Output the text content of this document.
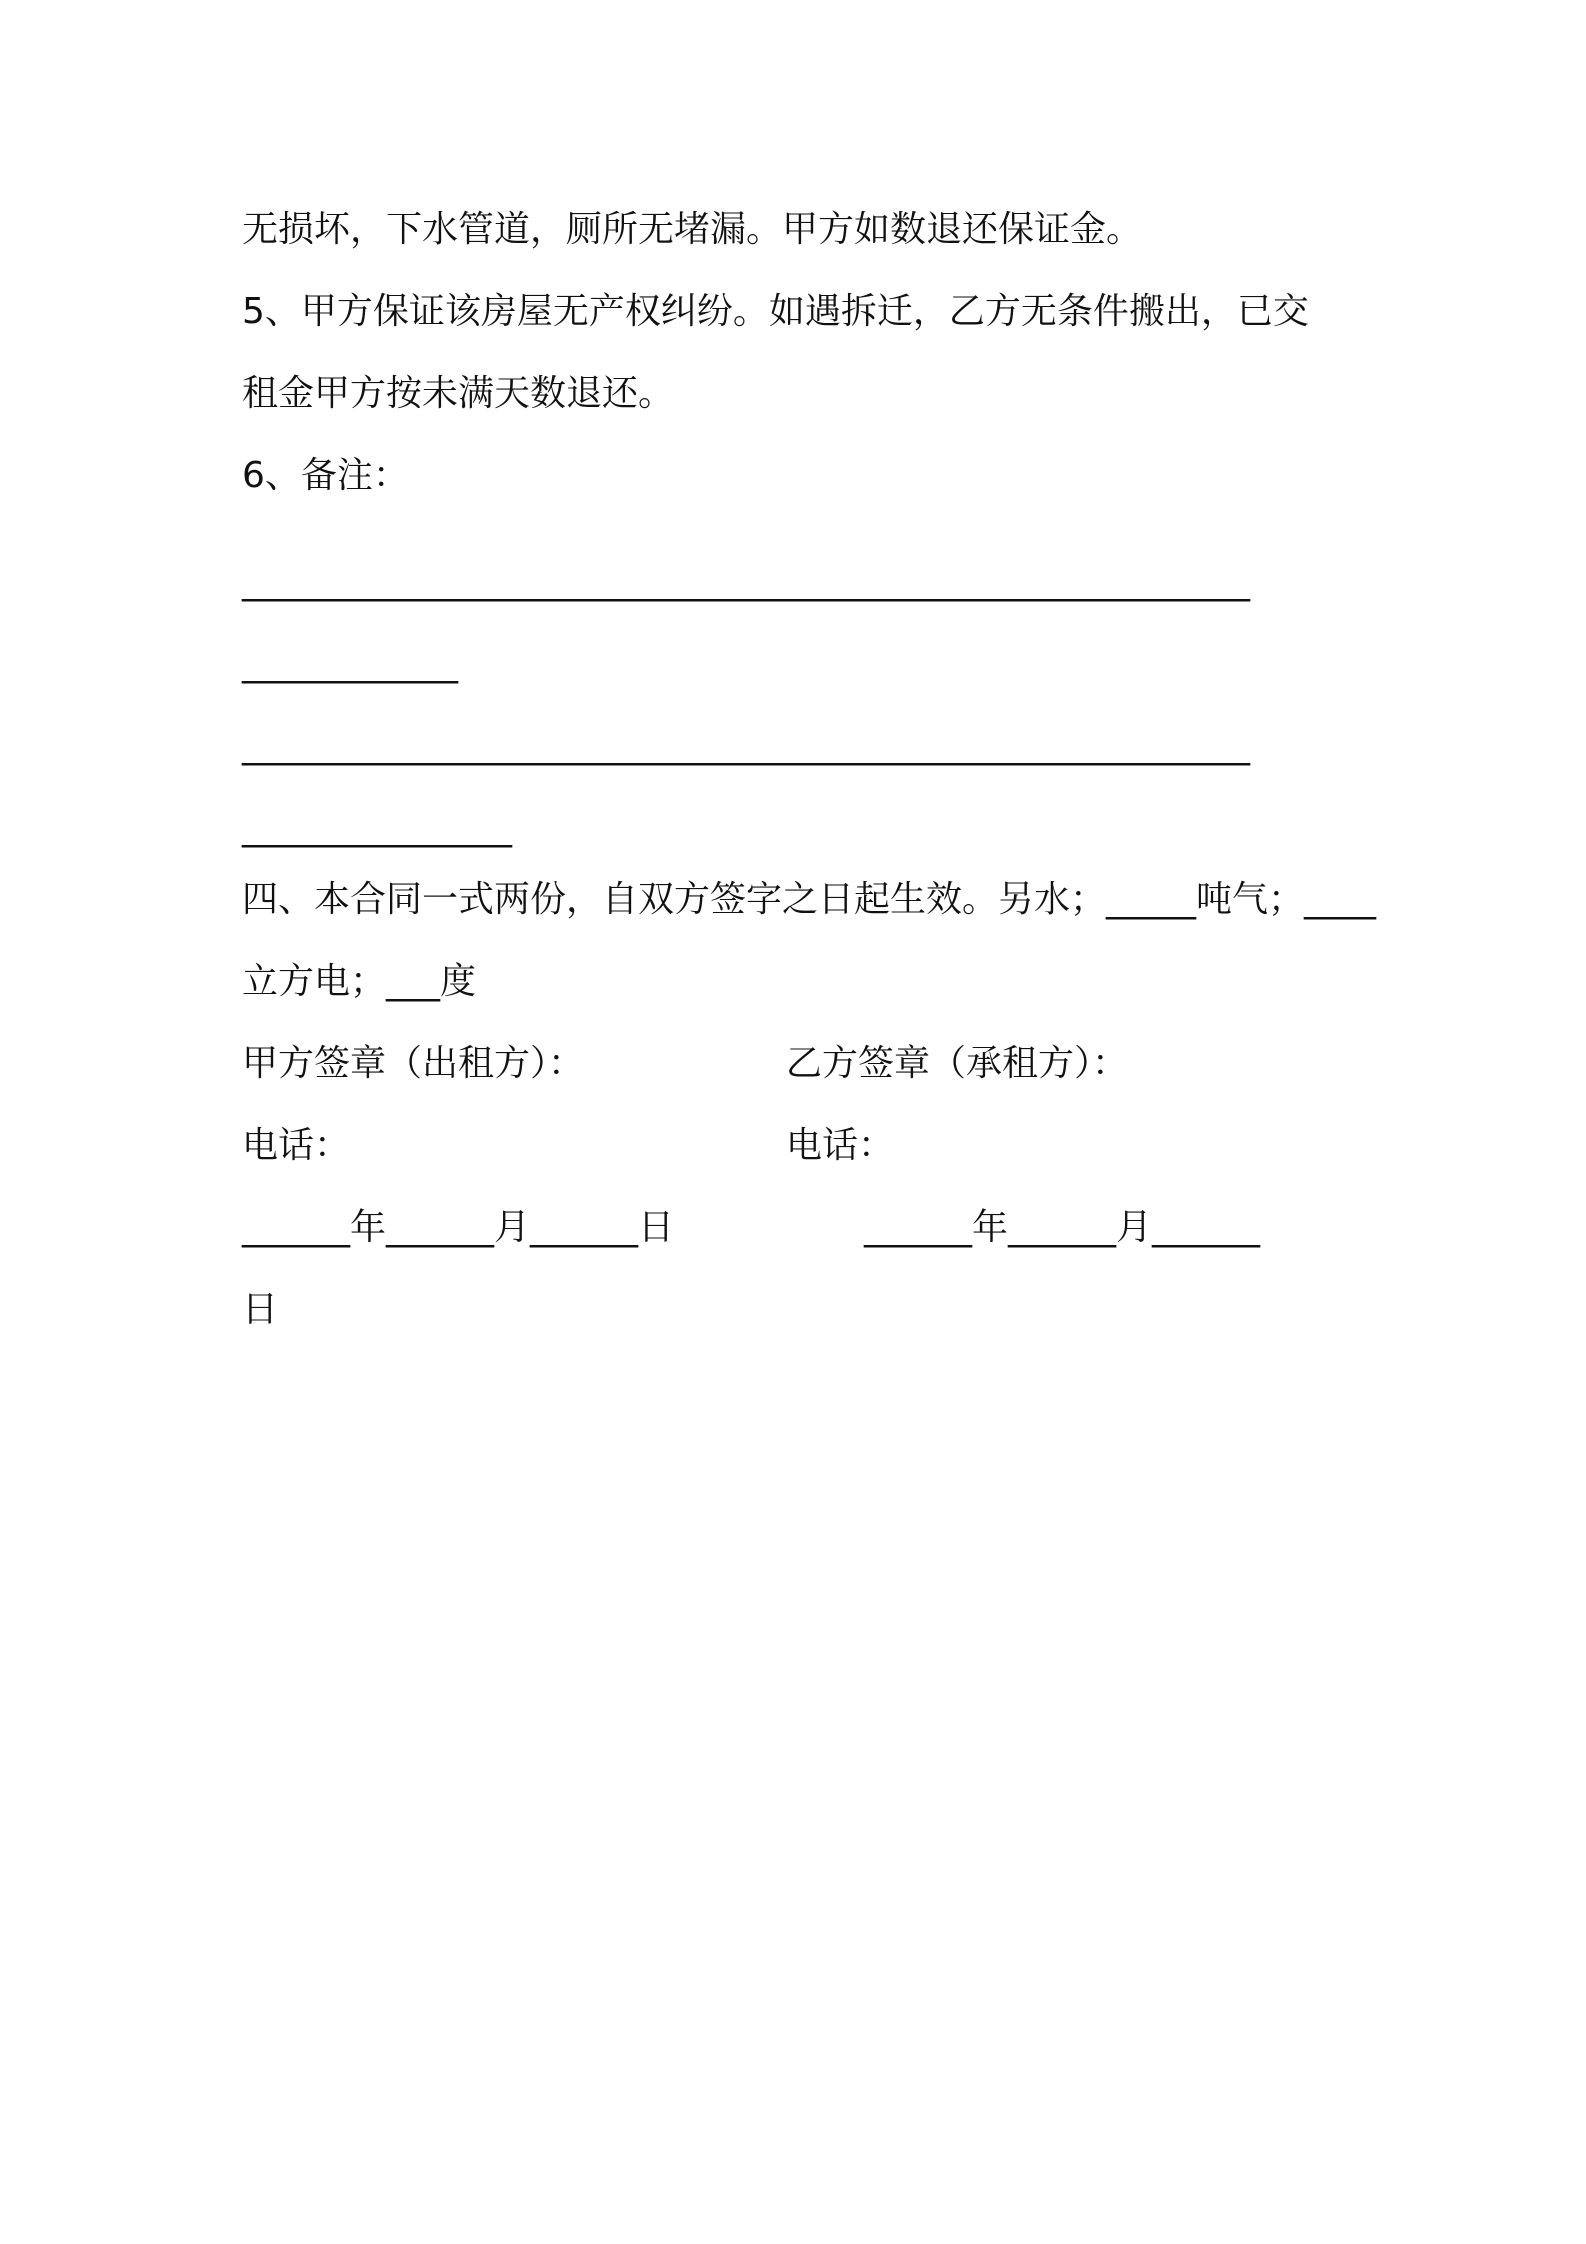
无损坏，下水管道，厕所无堵漏。甲方如数退还保证金。
5、甲方保证该房屋无产权纠纷。如遇拆迁，乙方无条件搬出，已交
租金甲方按未满天数退还。
6、备注：
________________________________________________________
____________
________________________________________________________
_______________
四、本合同一式两份，自双方签字之日起生效。另水；_____吨气；____
立方电；___度
甲方签章（出租方）：	乙方签章（承租方）：
电话：	电话：
______年______月______日	______年______月______
日
